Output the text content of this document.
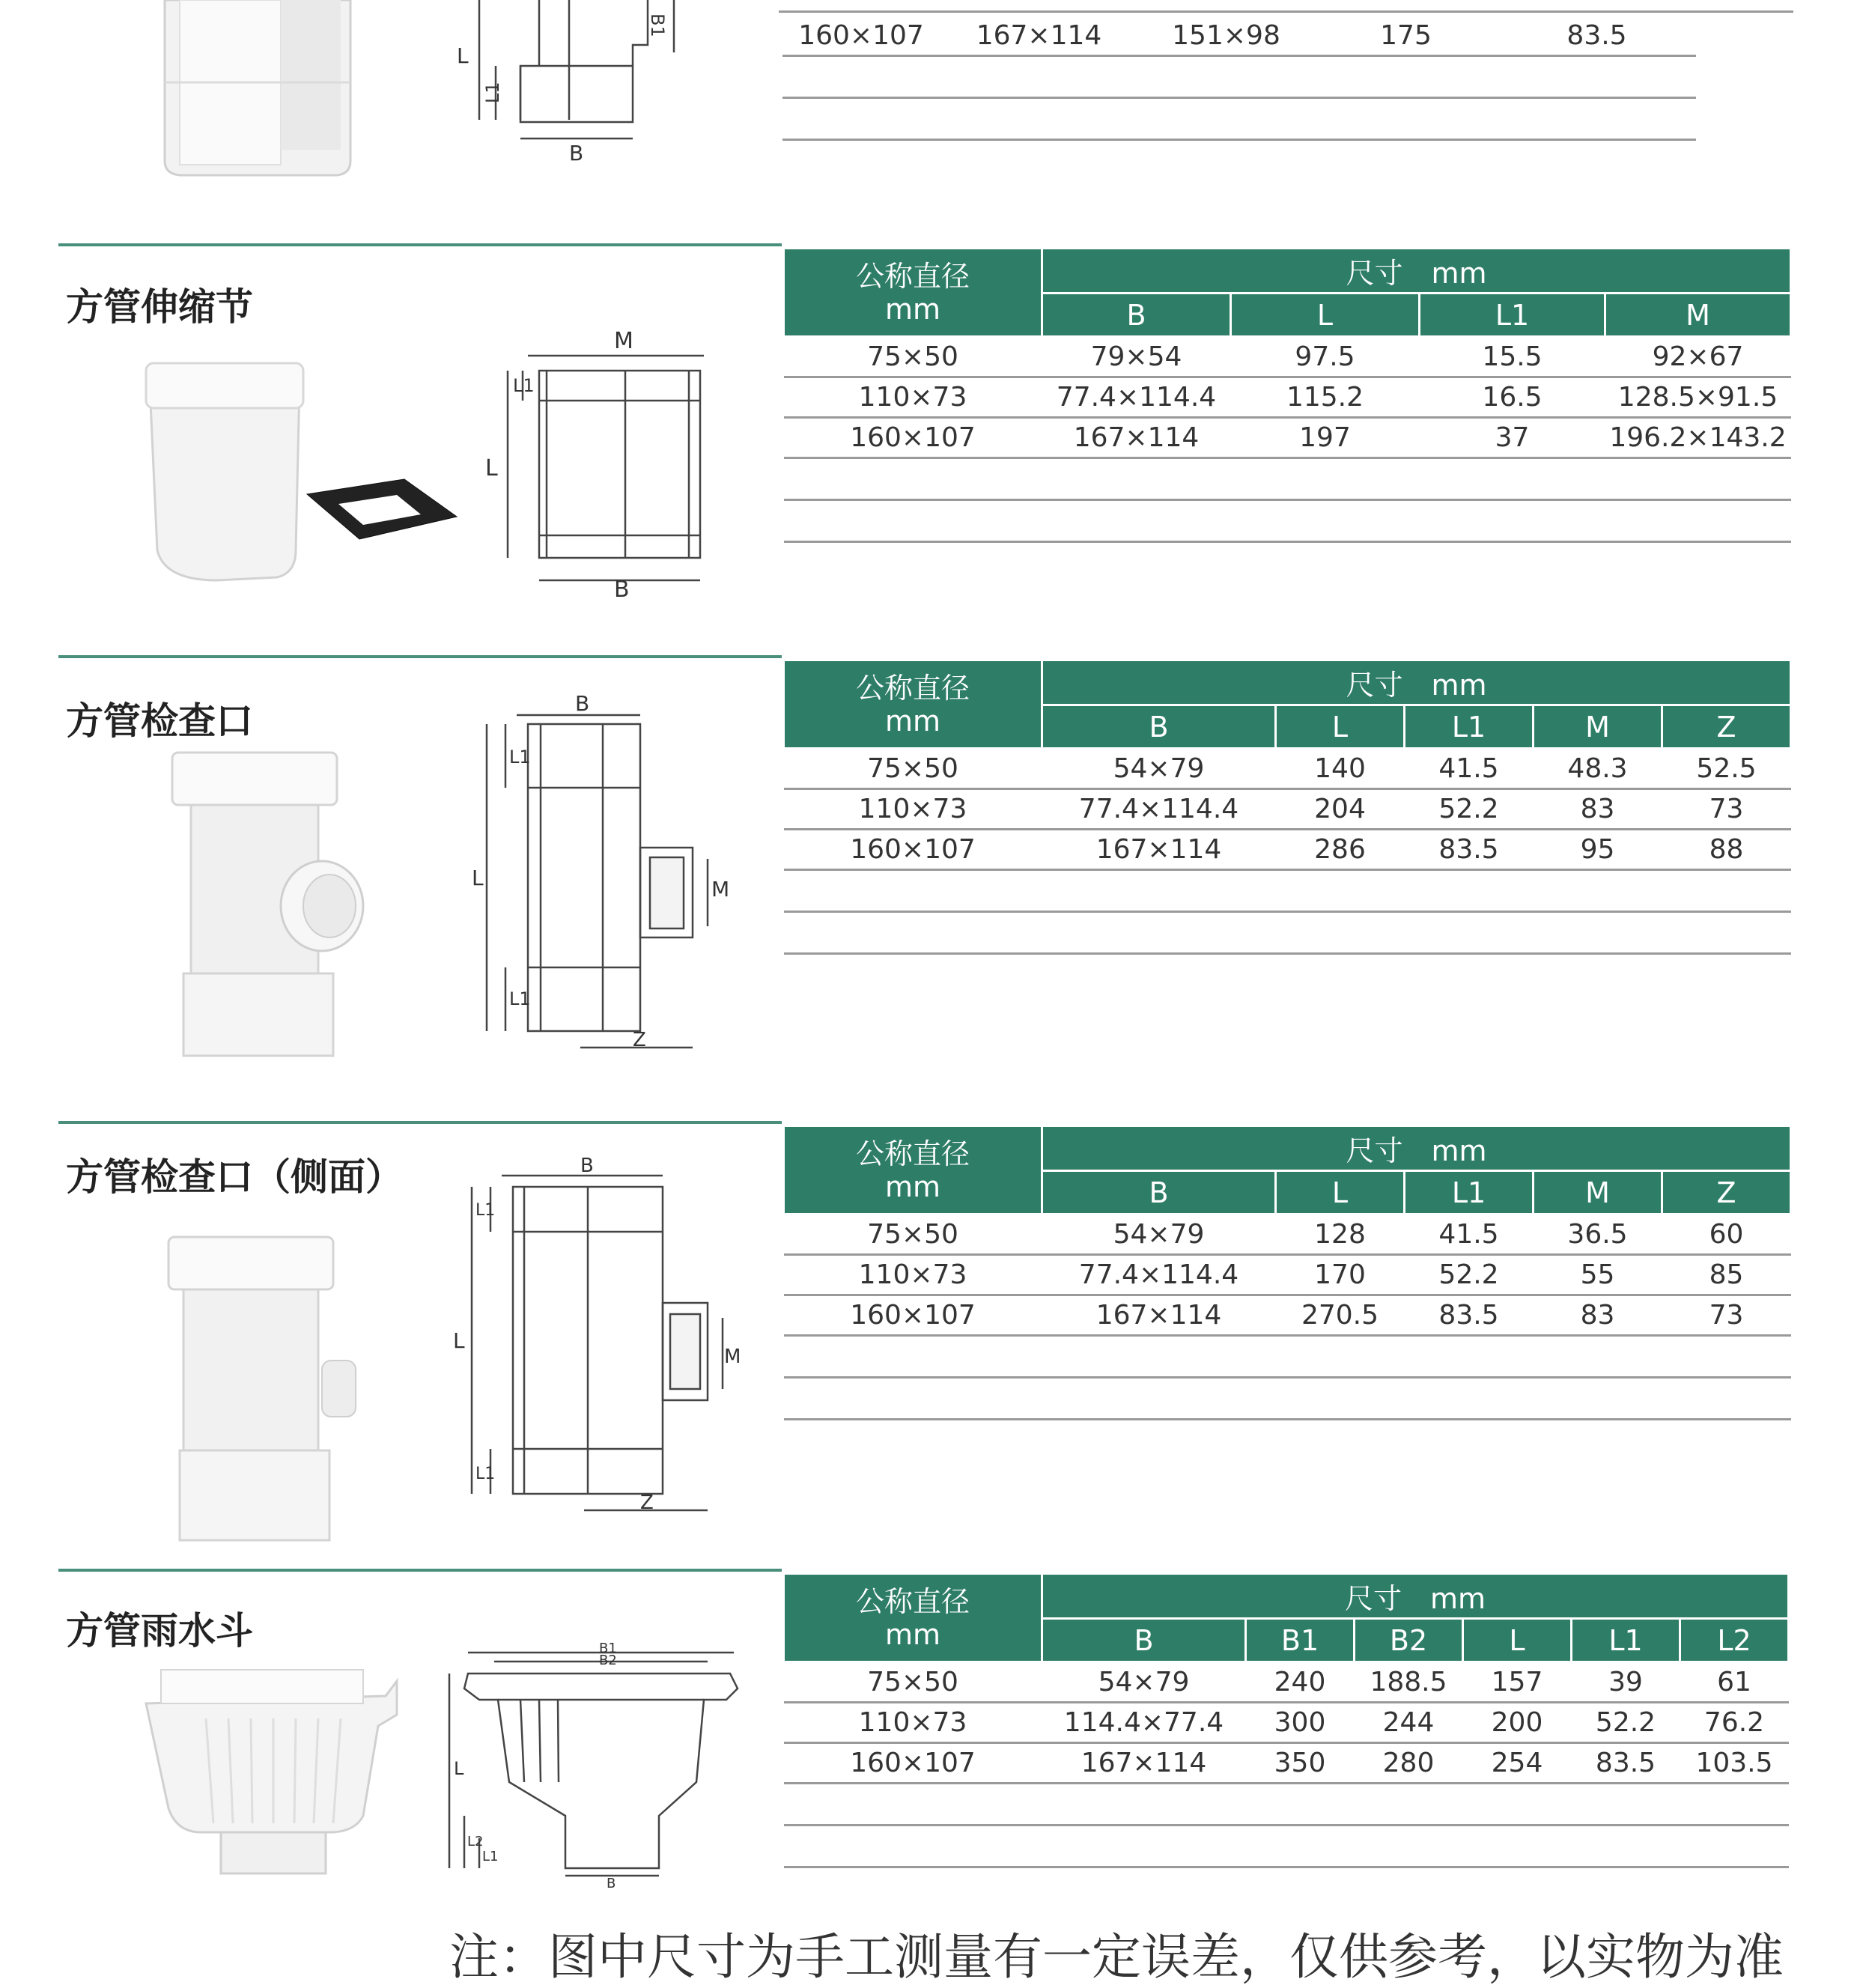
L
L1
B
B1	160×107	167×114	151×98	175	83.5

方管伸缩节
M
L1
L
B
公称直径
mm	尺寸　mm			
	B	L	L1	M
75×50	79×54	97.5	15.5	92×67
110×73	77.4×114.4	115.2	16.5	128.5×91.5
160×107	167×114	197	37	196.2×143.2

方管检查口	B
L1
L	M
L1
Z
公称直径
mm	尺寸　mm				
	B	L	L1	M	Z
75×50	54×79	140	41.5	48.3	52.5
110×73	77.4×114.4	204	52.2	83	73
160×107	167×114	286	83.5	95	88

方管检查口（侧面）	B
L1
L
M
L1
Z
公称直径
mm	尺寸　mm				
	B	L	L1	M	Z
75×50	54×79	128	41.5	36.5	60
110×73	77.4×114.4	170	52.2	55	85
160×107	167×114	270.5	83.5	83	73

方管雨水斗	B1
B2
L
L2
L1
B
公称直径
mm	尺寸　mm					
	B	B1	B2	L	L1	L2
75×50	54×79	240	188.5	157	39	61
110×73	114.4×77.4	300	244	200	52.2	76.2
160×107	167×114	350	280	254	83.5	103.5

注：图中尺寸为手工测量有一定误差，仅供参考，以实物为准
